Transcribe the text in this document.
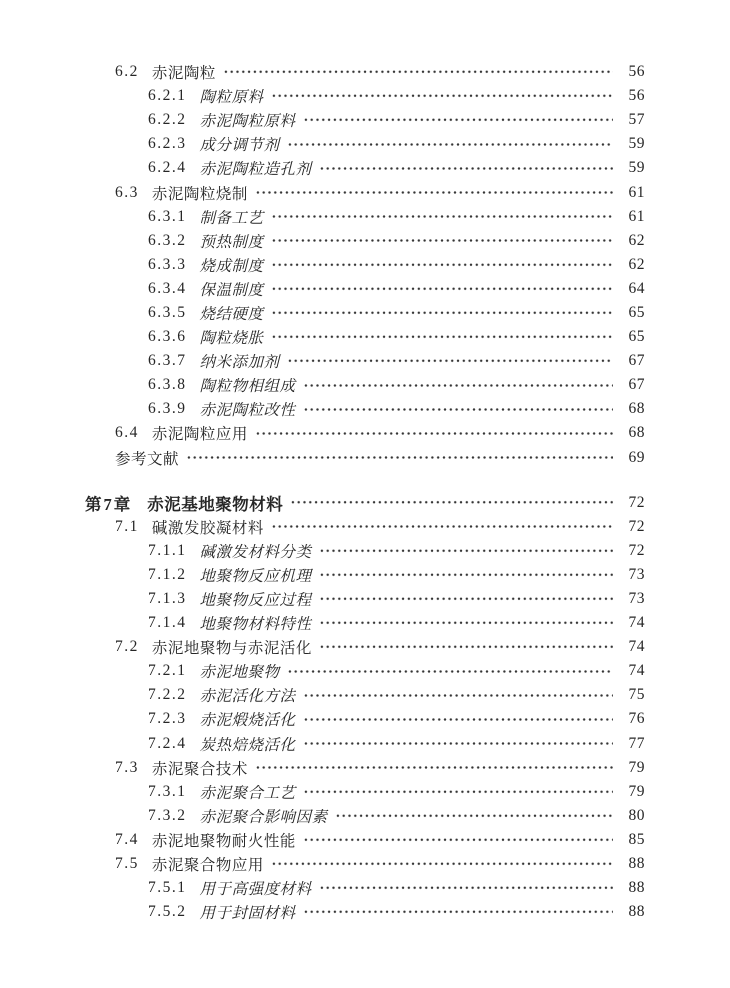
6.2 赤泥陶粒	56
6.2.1 陶粒原料	56
6.2.2 赤泥陶粒原料	57
6.2.3 成分调节剂	59
6.2.4 赤泥陶粒造孔剂	59
6.3 赤泥陶粒烧制	61
6.3.1 制备工艺	61
6.3.2 预热制度	62
6.3.3 烧成制度	62
6.3.4 保温制度	64
6.3.5 烧结硬度	65
6.3.6 陶粒烧胀	65
6.3.7 纳米添加剂	67
6.3.8 陶粒物相组成	67
6.3.9 赤泥陶粒改性	68
6.4 赤泥陶粒应用	68
参考文献	69
第7章 赤泥基地聚物材料	72
7.1 碱激发胶凝材料	72
7.1.1 碱激发材料分类	72
7.1.2 地聚物反应机理	73
7.1.3 地聚物反应过程	73
7.1.4 地聚物材料特性	74
7.2 赤泥地聚物与赤泥活化	74
7.2.1 赤泥地聚物	74
7.2.2 赤泥活化方法	75
7.2.3 赤泥煅烧活化	76
7.2.4 炭热焙烧活化	77
7.3 赤泥聚合技术	79
7.3.1 赤泥聚合工艺	79
7.3.2 赤泥聚合影响因素	80
7.4 赤泥地聚物耐火性能	85
7.5 赤泥聚合物应用	88
7.5.1 用于高强度材料	88
7.5.2 用于封固材料	88
